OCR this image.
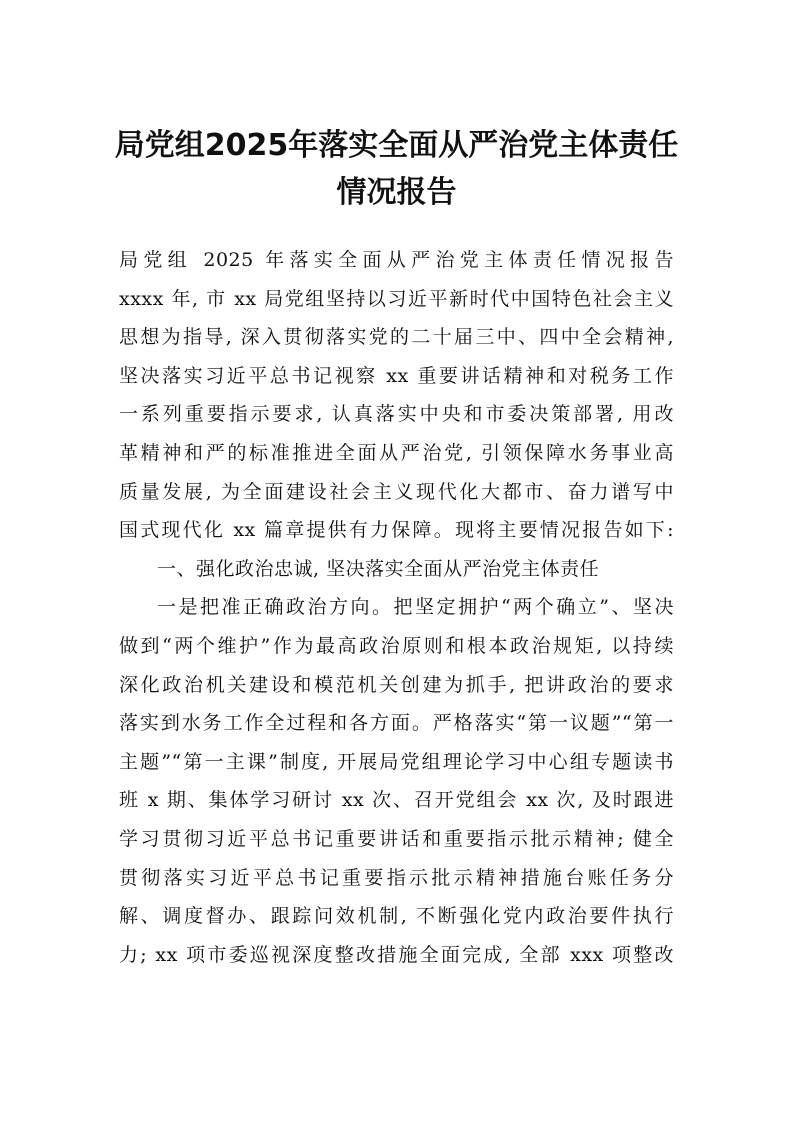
局党组2025年落实全面从严治党主体责任
情况报告
局党组 2025 年落实全面从严治党主体责任情况报告
xxxx 年, 市 xx 局党组坚持以习近平新时代中国特色社会主义
思想为指导, 深入贯彻落实党的二十届三中、四中全会精神,
坚决落实习近平总书记视察 xx 重要讲话精神和对税务工作
一系列重要指示要求, 认真落实中央和市委决策部署, 用改
革精神和严的标准推进全面从严治党, 引领保障水务事业高
质量发展, 为全面建设社会主义现代化大都市、奋力谱写中
国式现代化 xx 篇章提供有力保障。现将主要情况报告如下:
一、强化政治忠诚, 坚决落实全面从严治党主体责任
一是把准正确政治方向。把坚定拥护“两个确立”、坚决
做到“两个维护”作为最高政治原则和根本政治规矩, 以持续
深化政治机关建设和模范机关创建为抓手, 把讲政治的要求
落实到水务工作全过程和各方面。严格落实“第一议题”“第一
主题”“第一主课”制度, 开展局党组理论学习中心组专题读书
班 x 期、集体学习研讨 xx 次、召开党组会 xx 次, 及时跟进
学习贯彻习近平总书记重要讲话和重要指示批示精神; 健全
贯彻落实习近平总书记重要指示批示精神措施台账任务分
解、调度督办、跟踪问效机制, 不断强化党内政治要件执行
力; xx 项市委巡视深度整改措施全面完成, 全部 xxx 项整改
